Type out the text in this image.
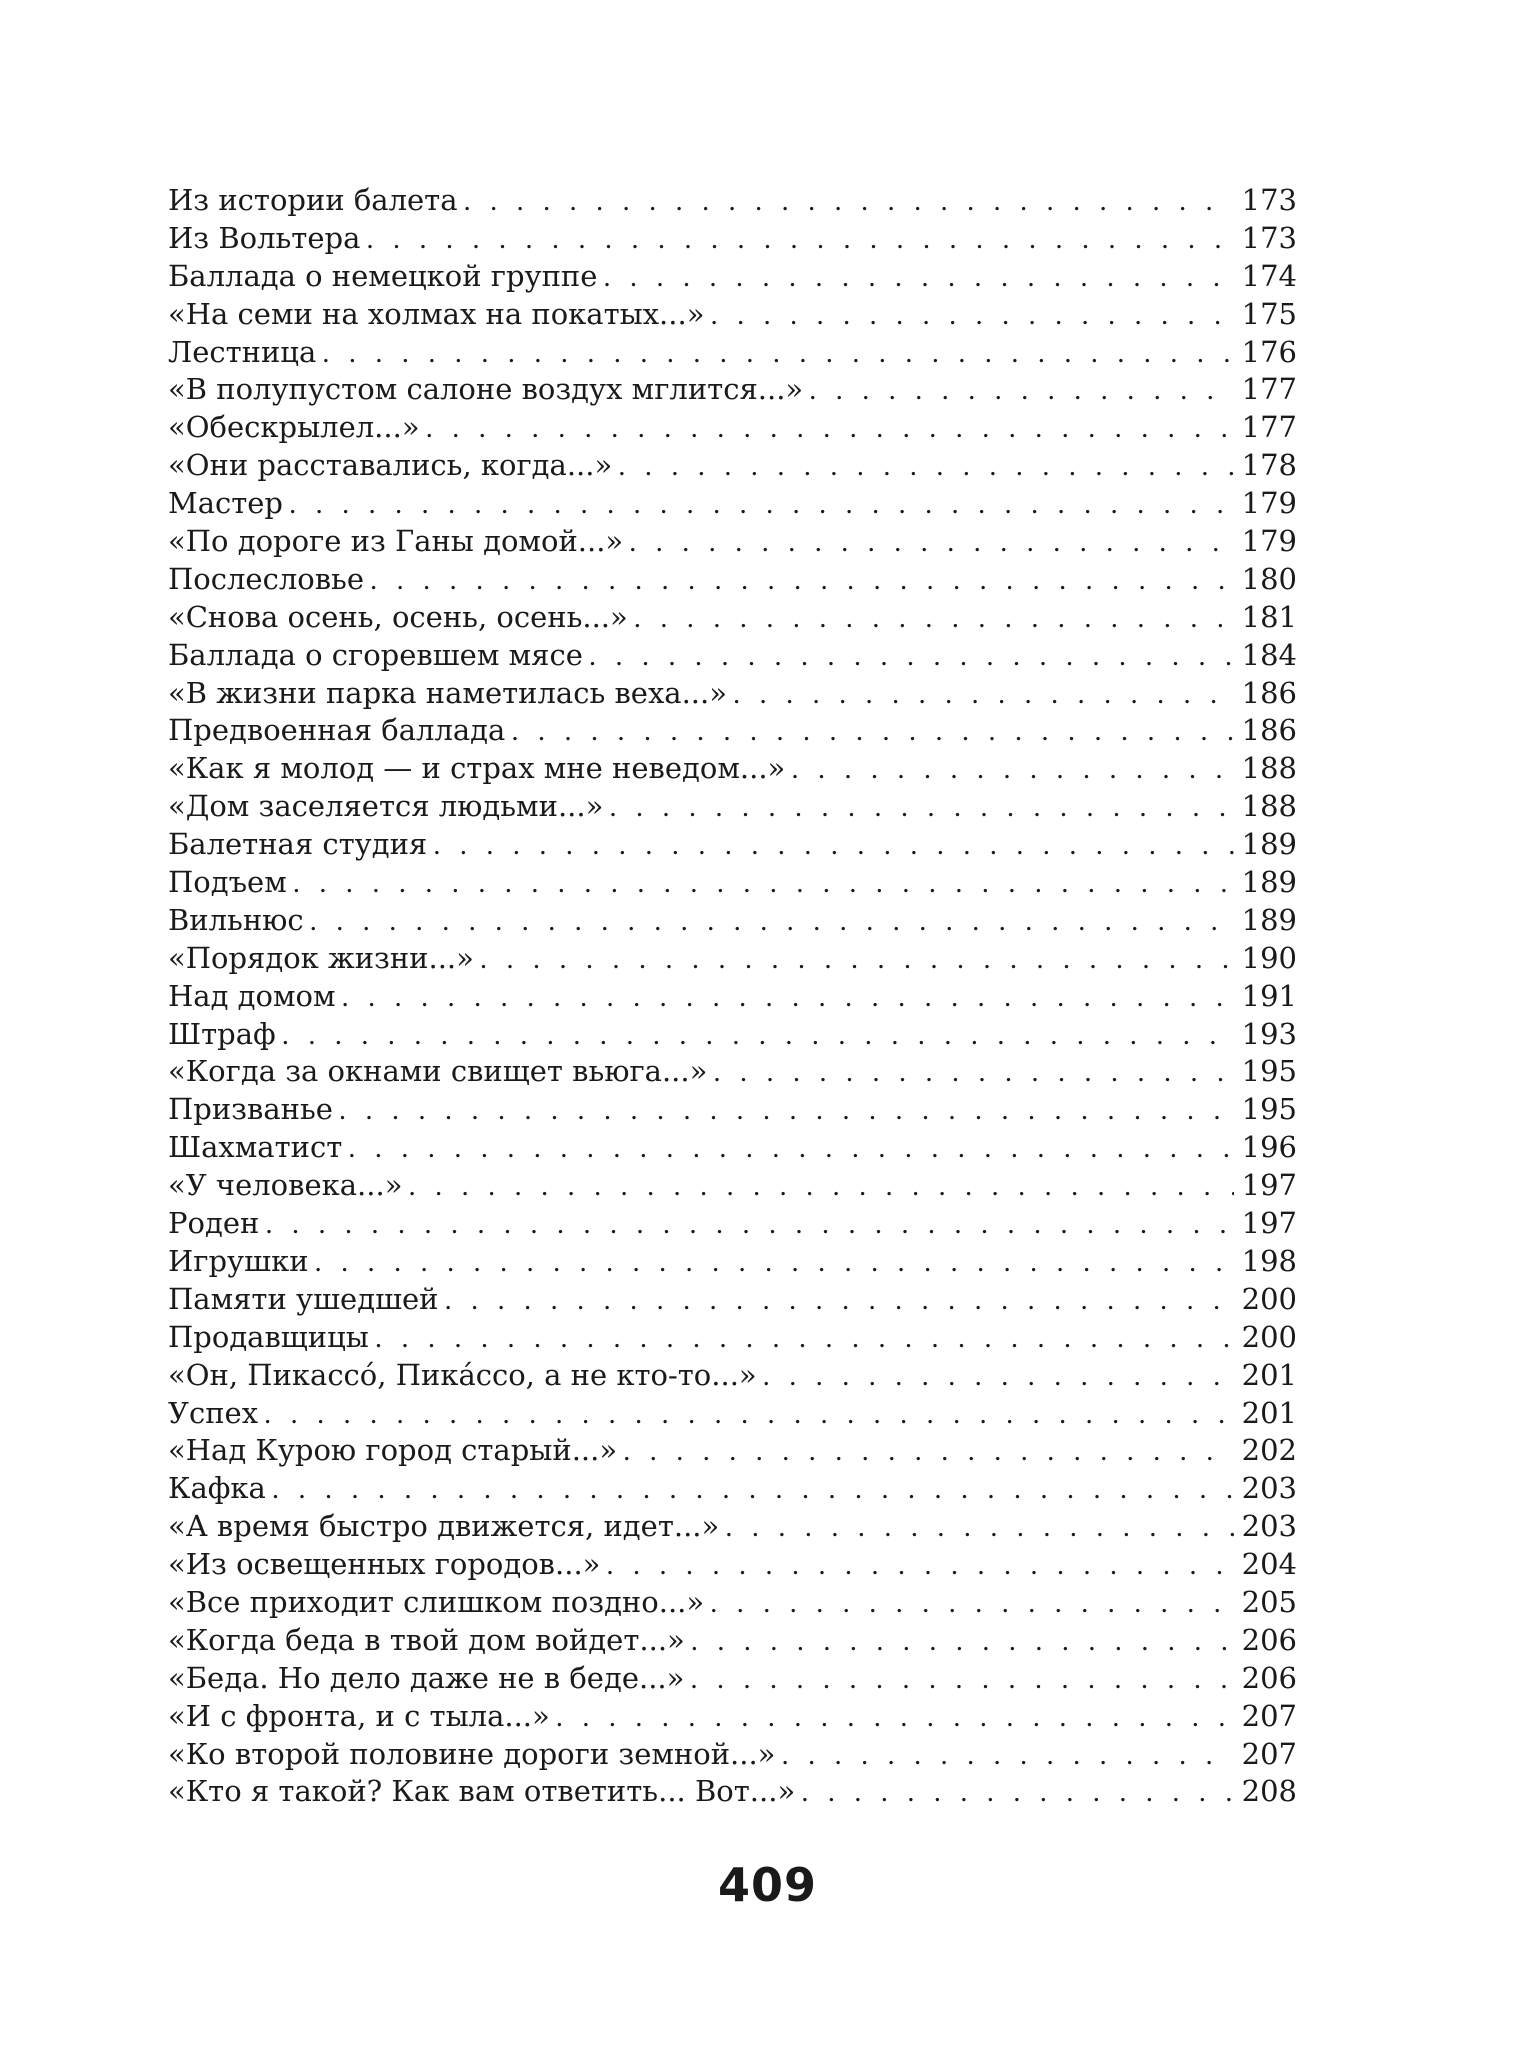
Из истории балета . . .	173
Из Вольтера . . .	173
Баллада о немецкой группе . . .	174
«На семи на холмах на покатых...» . . .	175
Лестница . . .	176
«В полупустом салоне воздух мглится...» . . .	177
«Обескрылел...» . . .	177
«Они расставались, когда...» . . .	178
Мастер . . .	179
«По дороге из Ганы домой...» . . .	179
Послесловье . . .	180
«Снова осень, осень, осень...» . . .	181
Баллада о сгоревшем мясе . . .	184
«В жизни парка наметилась веха...» . . .	186
Предвоенная баллада . . .	186
«Как я молод — и страх мне неведом...» . . .	188
«Дом заселяется людьми...» . . .	188
Балетная студия . . .	189
Подъем . . .	189
Вильнюс . . .	189
«Порядок жизни...» . . .	190
Над домом . . .	191
Штраф . . .	193
«Когда за окнами свищет вьюга...» . . .	195
Призванье . . .	195
Шахматист . . .	196
«У человека...» . . .	197
Роден . . .	197
Игрушки . . .	198
Памяти ушедшей . . .	200
Продавщицы . . .	200
«Он, Пикассо́, Пика́ссо, а не кто-то...» . . .	201
Успех . . .	201
«Над Курою город старый...» . . .	202
Кафка . . .	203
«А время быстро движется, идет...» . . .	203
«Из освещенных городов...» . . .	204
«Все приходит слишком поздно...» . . .	205
«Когда беда в твой дом войдет...» . . .	206
«Беда. Но дело даже не в беде...» . . .	206
«И с фронта, и с тыла...» . . .	207
«Ко второй половине дороги земной...» . . .	207
«Кто я такой? Как вам ответить... Вот...» . . .	208
409
